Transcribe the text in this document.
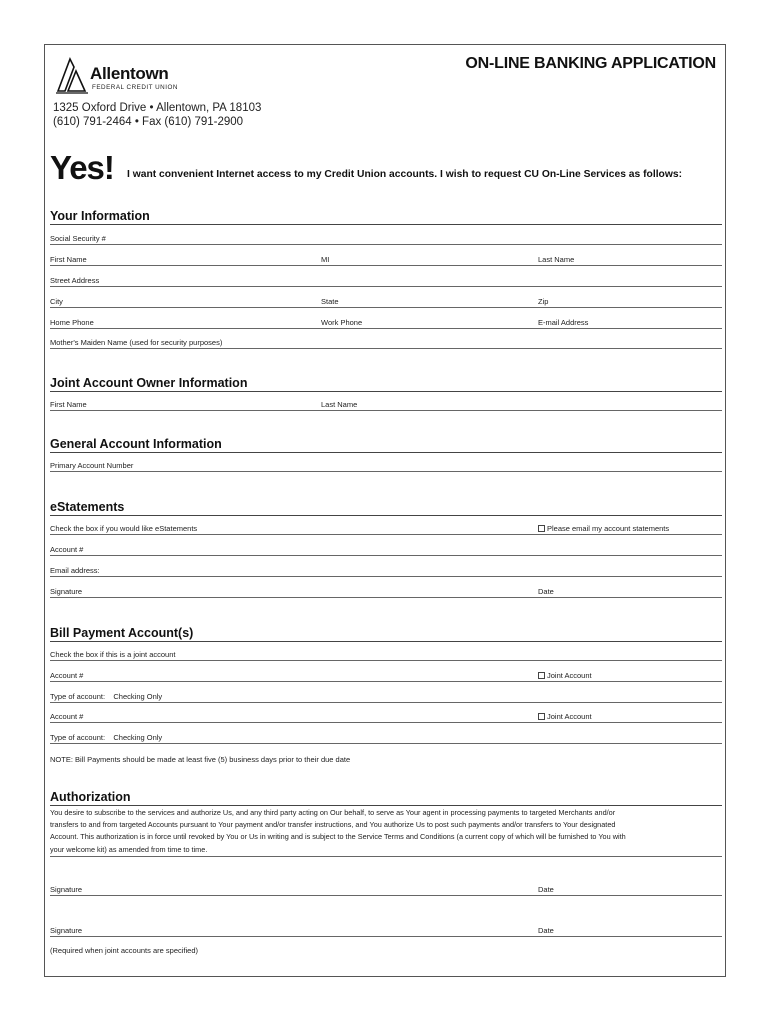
Allentown
FEDERAL CREDIT UNION
ON-LINE BANKING APPLICATION
1325 Oxford Drive • Allentown, PA 18103
(610) 791-2464 • Fax (610) 791-2900
Yes! I want convenient Internet access to my Credit Union accounts. I wish to request CU On-Line Services as follows:
Your Information
Social Security #
First Name	MI	Last Name
Street Address
City	State	Zip
Home Phone	Work Phone	E-mail Address
Mother's Maiden Name (used for security purposes)
Joint Account Owner Information
First Name	Last Name
General Account Information
Primary Account Number
eStatements
Check the box if you would like eStatements	Please email my account statements
Account #
Email address:
Signature	Date
Bill Payment Account(s)
Check the box if this is a joint account
Account #	Joint Account
Type of account: Checking Only
Account #	Joint Account
Type of account: Checking Only
NOTE: Bill Payments should be made at least five (5) business days prior to their due date
Authorization
You desire to subscribe to the services and authorize Us, and any third party acting on Our behalf, to serve as Your agent in processing payments to targeted Merchants and/or
transfers to and from targeted Accounts pursuant to Your payment and/or transfer instructions, and You authorize Us to post such payments and/or transfers to Your designated
Account. This authorization is in force until revoked by You or Us in writing and is subject to the Service Terms and Conditions (a current copy of which will be furnished to You with
your welcome kit) as amended from time to time.
Signature	Date
Signature	Date
(Required when joint accounts are specified)
